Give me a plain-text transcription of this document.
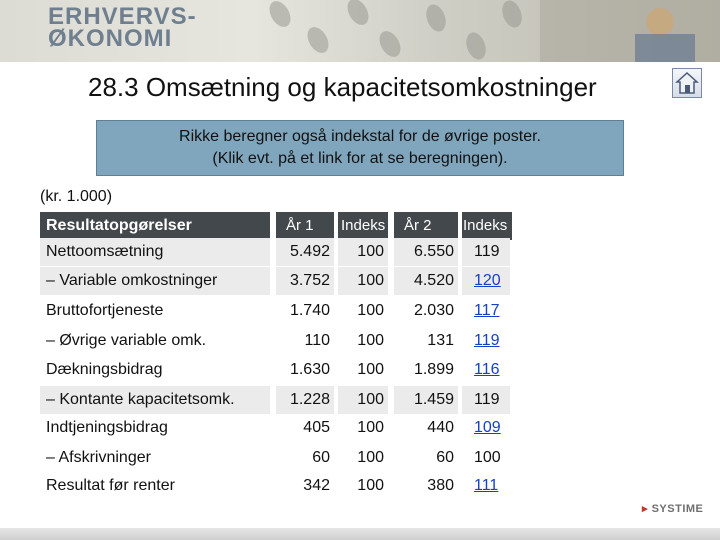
ERHVERVS-
ØKONOMI
28.3 Omsætning og kapacitetsomkostninger
Rikke beregner også indekstal for de øvrige poster.
(Klik evt. på et link for at se beregningen).
(kr. 1.000)
Resultatopgørelser	År 1	Indeks	År 2	Indeks
Nettoomsætning	5.492	100	6.550	119
– Variable omkostninger	3.752	100	4.520	120
Bruttofortjeneste	1.740	100	2.030	117
– Øvrige variable omk.	110	100	131	119
Dækningsbidrag	1.630	100	1.899	116
– Kontante kapacitetsomk.	1.228	100	1.459	119
Indtjeningsbidrag	405	100	440	109
– Afskrivninger	60	100	60	100
Resultat før renter	342	100	380	111
▸ SYSTIME
